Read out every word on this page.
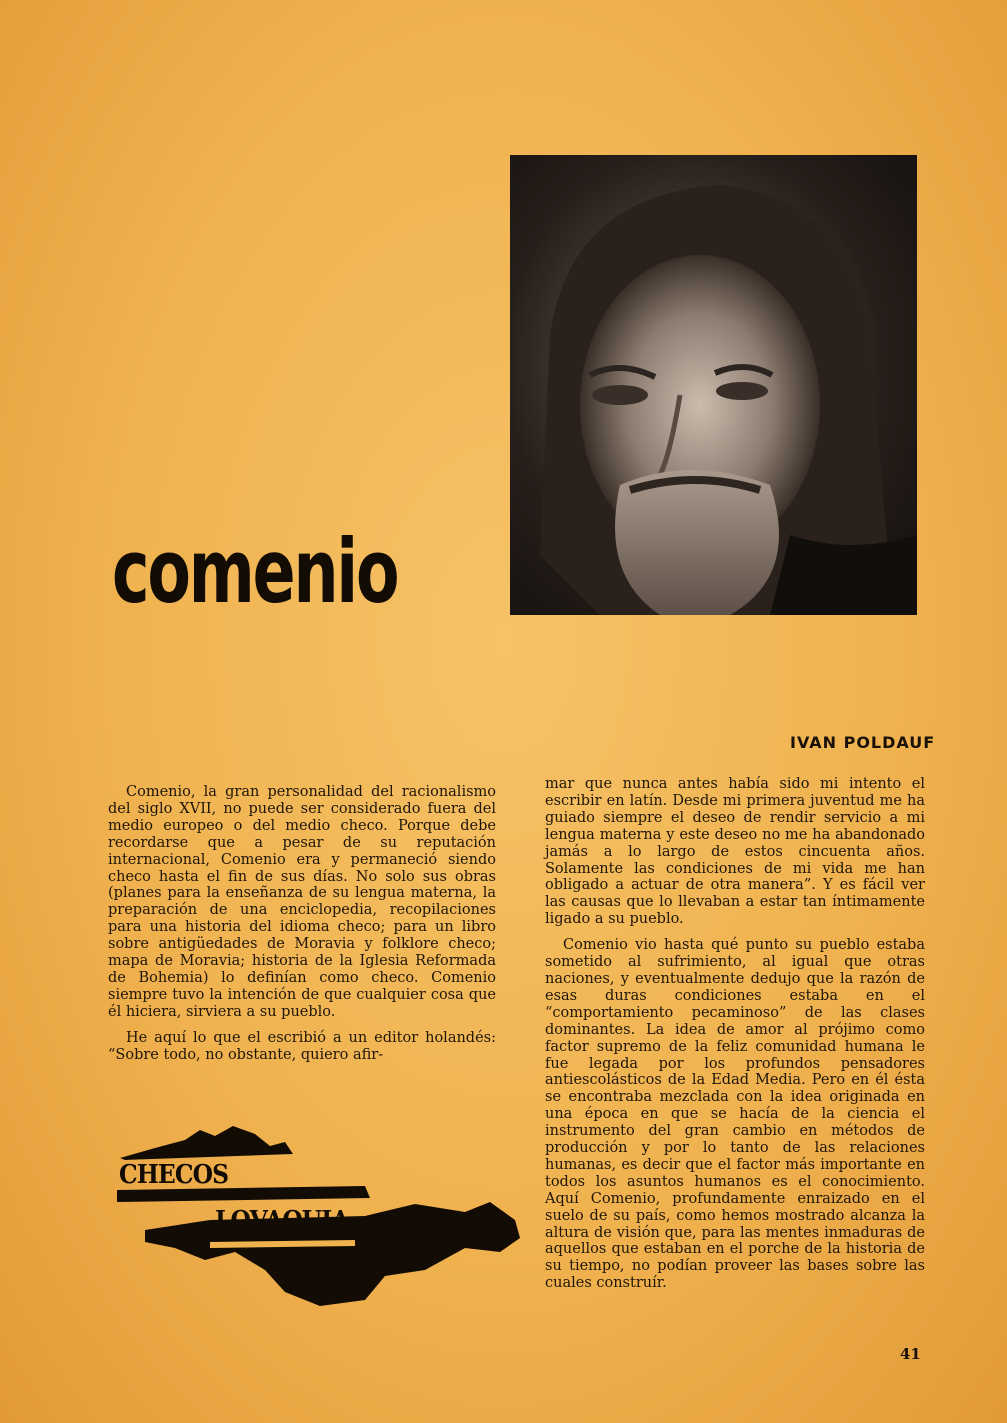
comenio
IVAN POLDAUF

Comenio, la gran personalidad del racionalismo del siglo XVII, no puede ser considerado fuera del medio europeo o del medio checo. Porque debe recordarse que a pesar de su reputación internacional, Comenio era y permaneció siendo checo hasta el fin de sus días. No solo sus obras (planes para la enseñanza de su lengua materna, la preparación de una enciclopedia, recopilaciones para una historia del idioma checo; para un libro sobre antigüedades de Moravia y folklore checo; mapa de Moravia; historia de la Iglesia Reformada de Bohemia) lo definían como checo. Comenio siempre tuvo la intención de que cualquier cosa que él hiciera, sirviera a su pueblo.

He aquí lo que el escribió a un editor holandés: “Sobre todo, no obstante, quiero afir-

mar que nunca antes había sido mi intento el escribir en latín. Desde mi primera juventud me ha guiado siempre el deseo de rendir servicio a mi lengua materna y este deseo no me ha abandonado jamás a lo largo de estos cincuenta años. Solamente las condiciones de mi vida me han obligado a actuar de otra manera”. Y es fácil ver las causas que lo llevaban a estar tan íntimamente ligado a su pueblo.

Comenio vio hasta qué punto su pueblo estaba sometido al sufrimiento, al igual que otras naciones, y eventualmente dedujo que la razón de esas duras condiciones estaba en el “comportamiento pecaminoso” de las clases dominantes. La idea de amor al prójimo como factor supremo de la feliz comunidad humana le fue legada por los profundos pensadores antiescolásticos de la Edad Media. Pero en él ésta se encontraba mezclada con la idea originada en una época en que se hacía de la ciencia el instrumento del gran cambio en métodos de producción y por lo tanto de las relaciones humanas, es decir que el factor más importante en todos los asuntos humanos es el conocimiento. Aquí Comenio, profundamente enraizado en el suelo de su país, como hemos mostrado alcanza la altura de visión que, para las mentes inmaduras de aquellos que estaban en el porche de la historia de su tiempo, no podían proveer las bases sobre las cuales construír.

CHECOS
LOVAQUIA
41
